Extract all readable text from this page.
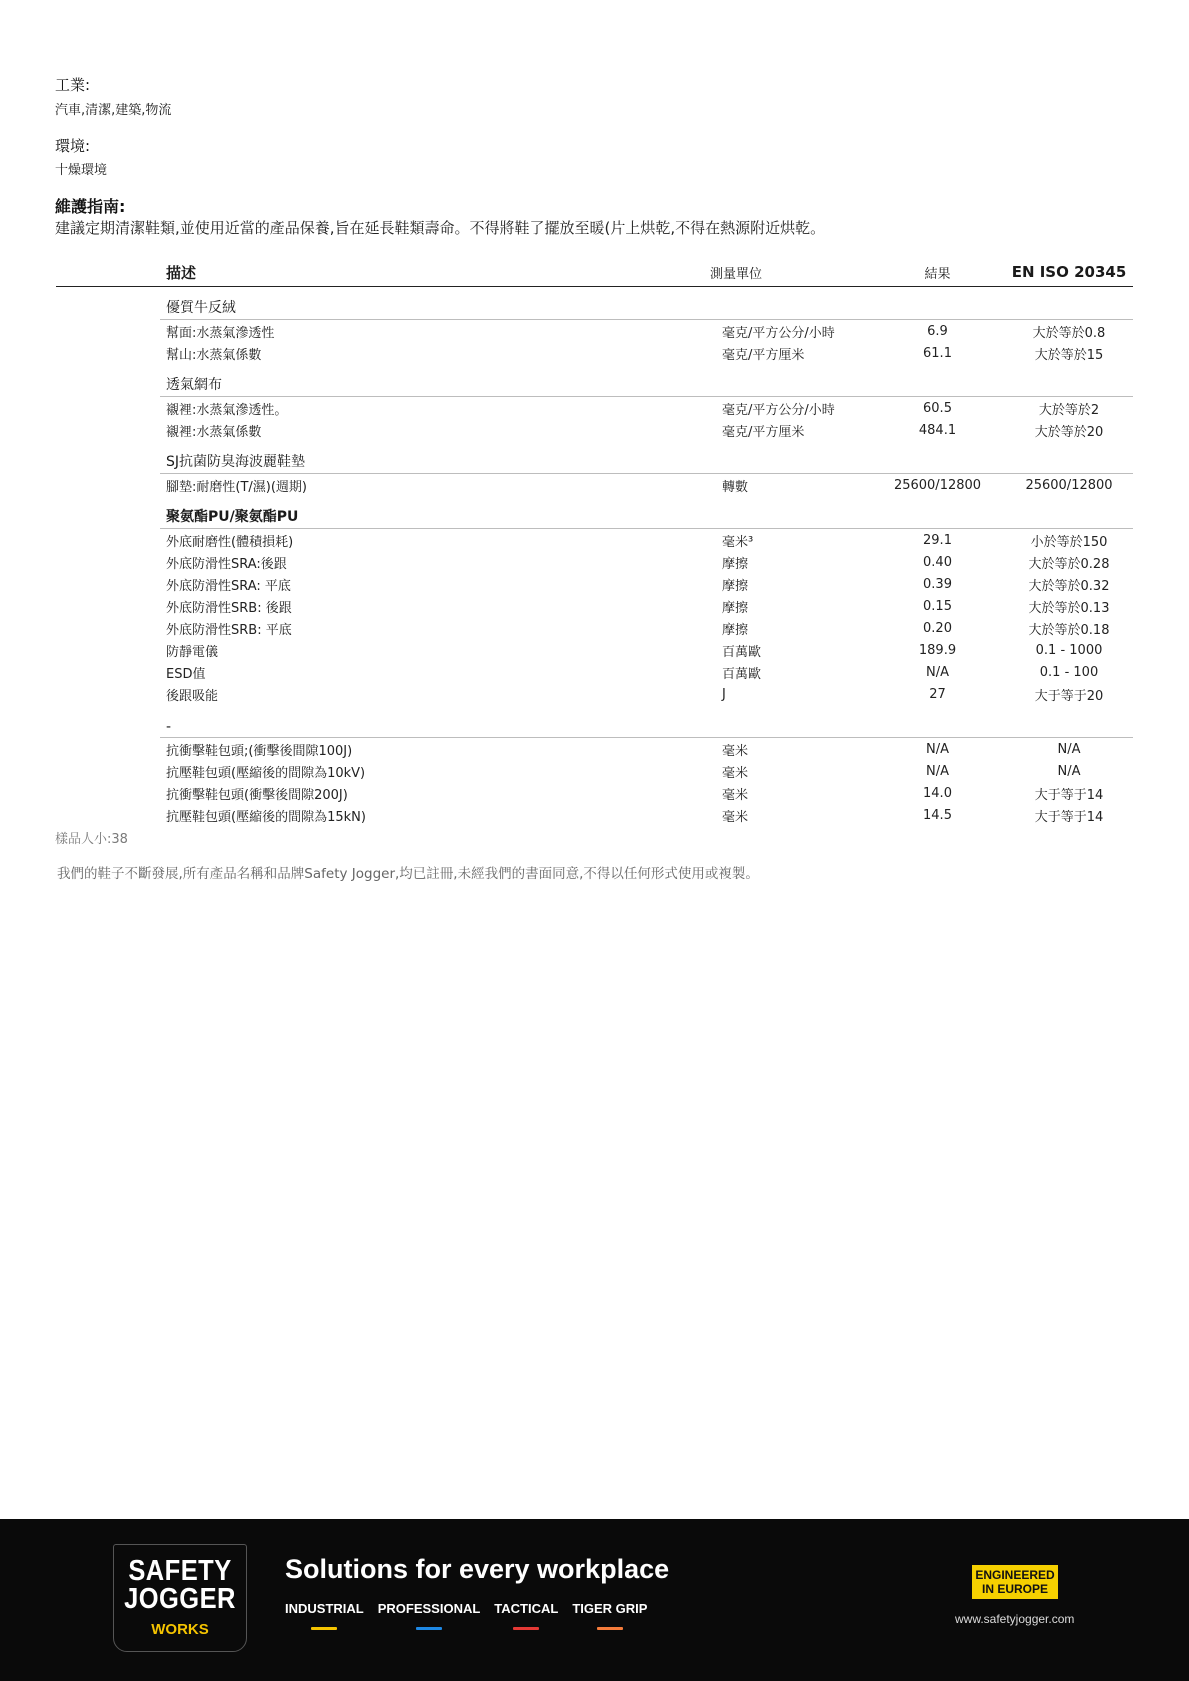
工業:
汽車,清潔,建築,物流
環境:
十燥環境
維護指南:
建議定期清潔鞋類,並使用近當的產品保養,旨在延長鞋類壽命。不得將鞋了擺放至暖(片上烘乾,不得在熱源附近烘乾。
	描述	測量單位	結果	EN ISO 20345
鞋面	優質牛反絨			
	幫面:水蒸氣滲透性	毫克/平方公分/小時	6.9	大於等於0.8
	幫山:水蒸氣係數	毫克/平方厘米	61.1	大於等於15
內裡	透氣網布			
	襯裡:水蒸氣滲透性。	毫克/平方公分/小時	60.5	大於等於2
	襯裡:水蒸氣係數	毫克/平方厘米	484.1	大於等於20
鞋墊	SJ抗菌防臭海波麗鞋墊			
	腳墊:耐磨性(T/濕)(週期)	轉數	25600/12800	25600/12800
大底	聚氨酯PU/聚氨酯PU			
	外底耐磨性(體積損耗)	毫米³	29.1	小於等於150
	外底防滑性SRA:後跟	摩擦	0.40	大於等於0.28
	外底防滑性SRA: 平底	摩擦	0.39	大於等於0.32
	外底防滑性SRB: 後跟	摩擦	0.15	大於等於0.13
	外底防滑性SRB: 平底	摩擦	0.20	大於等於0.18
	防靜電儀	百萬歐	189.9	0.1 - 1000
	ESD值	百萬歐	N/A	0.1 - 100
	後跟吸能	J	27	大于等于20
鞋頭	-			
	抗衝擊鞋包頭;(衝擊後間隙100J)	毫米	N/A	N/A
	抗壓鞋包頭(壓縮後的間隙為10kV)	毫米	N/A	N/A
	抗衝擊鞋包頭(衝擊後間隙200J)	毫米	14.0	大于等于14
	抗壓鞋包頭(壓縮後的間隙為15kN)	毫米	14.5	大于等于14
樣品人小:38
我們的鞋子不斷發展,所有產品名稱和品牌Safety Jogger,均已註冊,未經我們的書面同意,不得以任何形式使用或複製。
SAFETY
JOGGER
WORKS
Solutions for every workplace
INDUSTRIAL PROFESSIONAL TACTICAL TIGER GRIP
ENGINEERED
IN EUROPE
www.safetyjogger.com
